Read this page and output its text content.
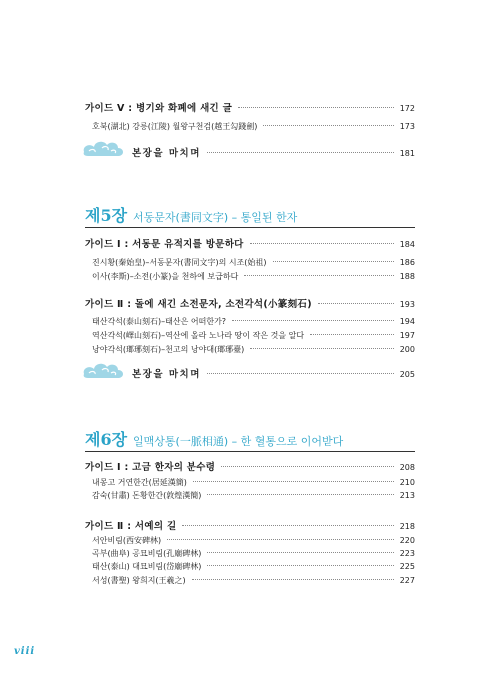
가이드 Ⅴ : 병기와 화폐에 새긴 글	172
호북(湖北) 강릉(江陵) 월왕구천검(越王勾踐劍)	173
본장을 마치며	181
제5장 서동문자(書同文字) – 통일된 한자
가이드 Ⅰ : 서동문 유적지를 방문하다	184
진시황(秦始皇)–서동문자(書同文字)의 시조(始祖)	186
이사(李斯)–소전(小篆)을 천하에 보급하다	188
가이드 Ⅱ : 돌에 새긴 소전문자, 소전각석(小篆刻石)	193
태산각석(泰山刻石)–태산은 어떠한가?	194
역산각석(嶧山刻石)–역산에 올라 노나라 땅이 작은 것을 알다	197
낭야각석(瑯琊刻石)–천고의 낭야대(瑯琊臺)	200
본장을 마치며	205
제6장 일맥상통(一脈相通) – 한 혈통으로 이어받다
가이드 Ⅰ : 고금 한자의 분수령	208
내몽고 거연한간(居延漢簡)	210
감숙(甘肅) 돈황한간(敦煌漢簡)	213
가이드 Ⅱ : 서예의 길	218
서안비림(西安碑林)	220
곡부(曲阜) 공묘비림(孔廟碑林)	223
태산(泰山) 대묘비림(岱廟碑林)	225
서성(書聖) 왕희지(王羲之)	227
viii
